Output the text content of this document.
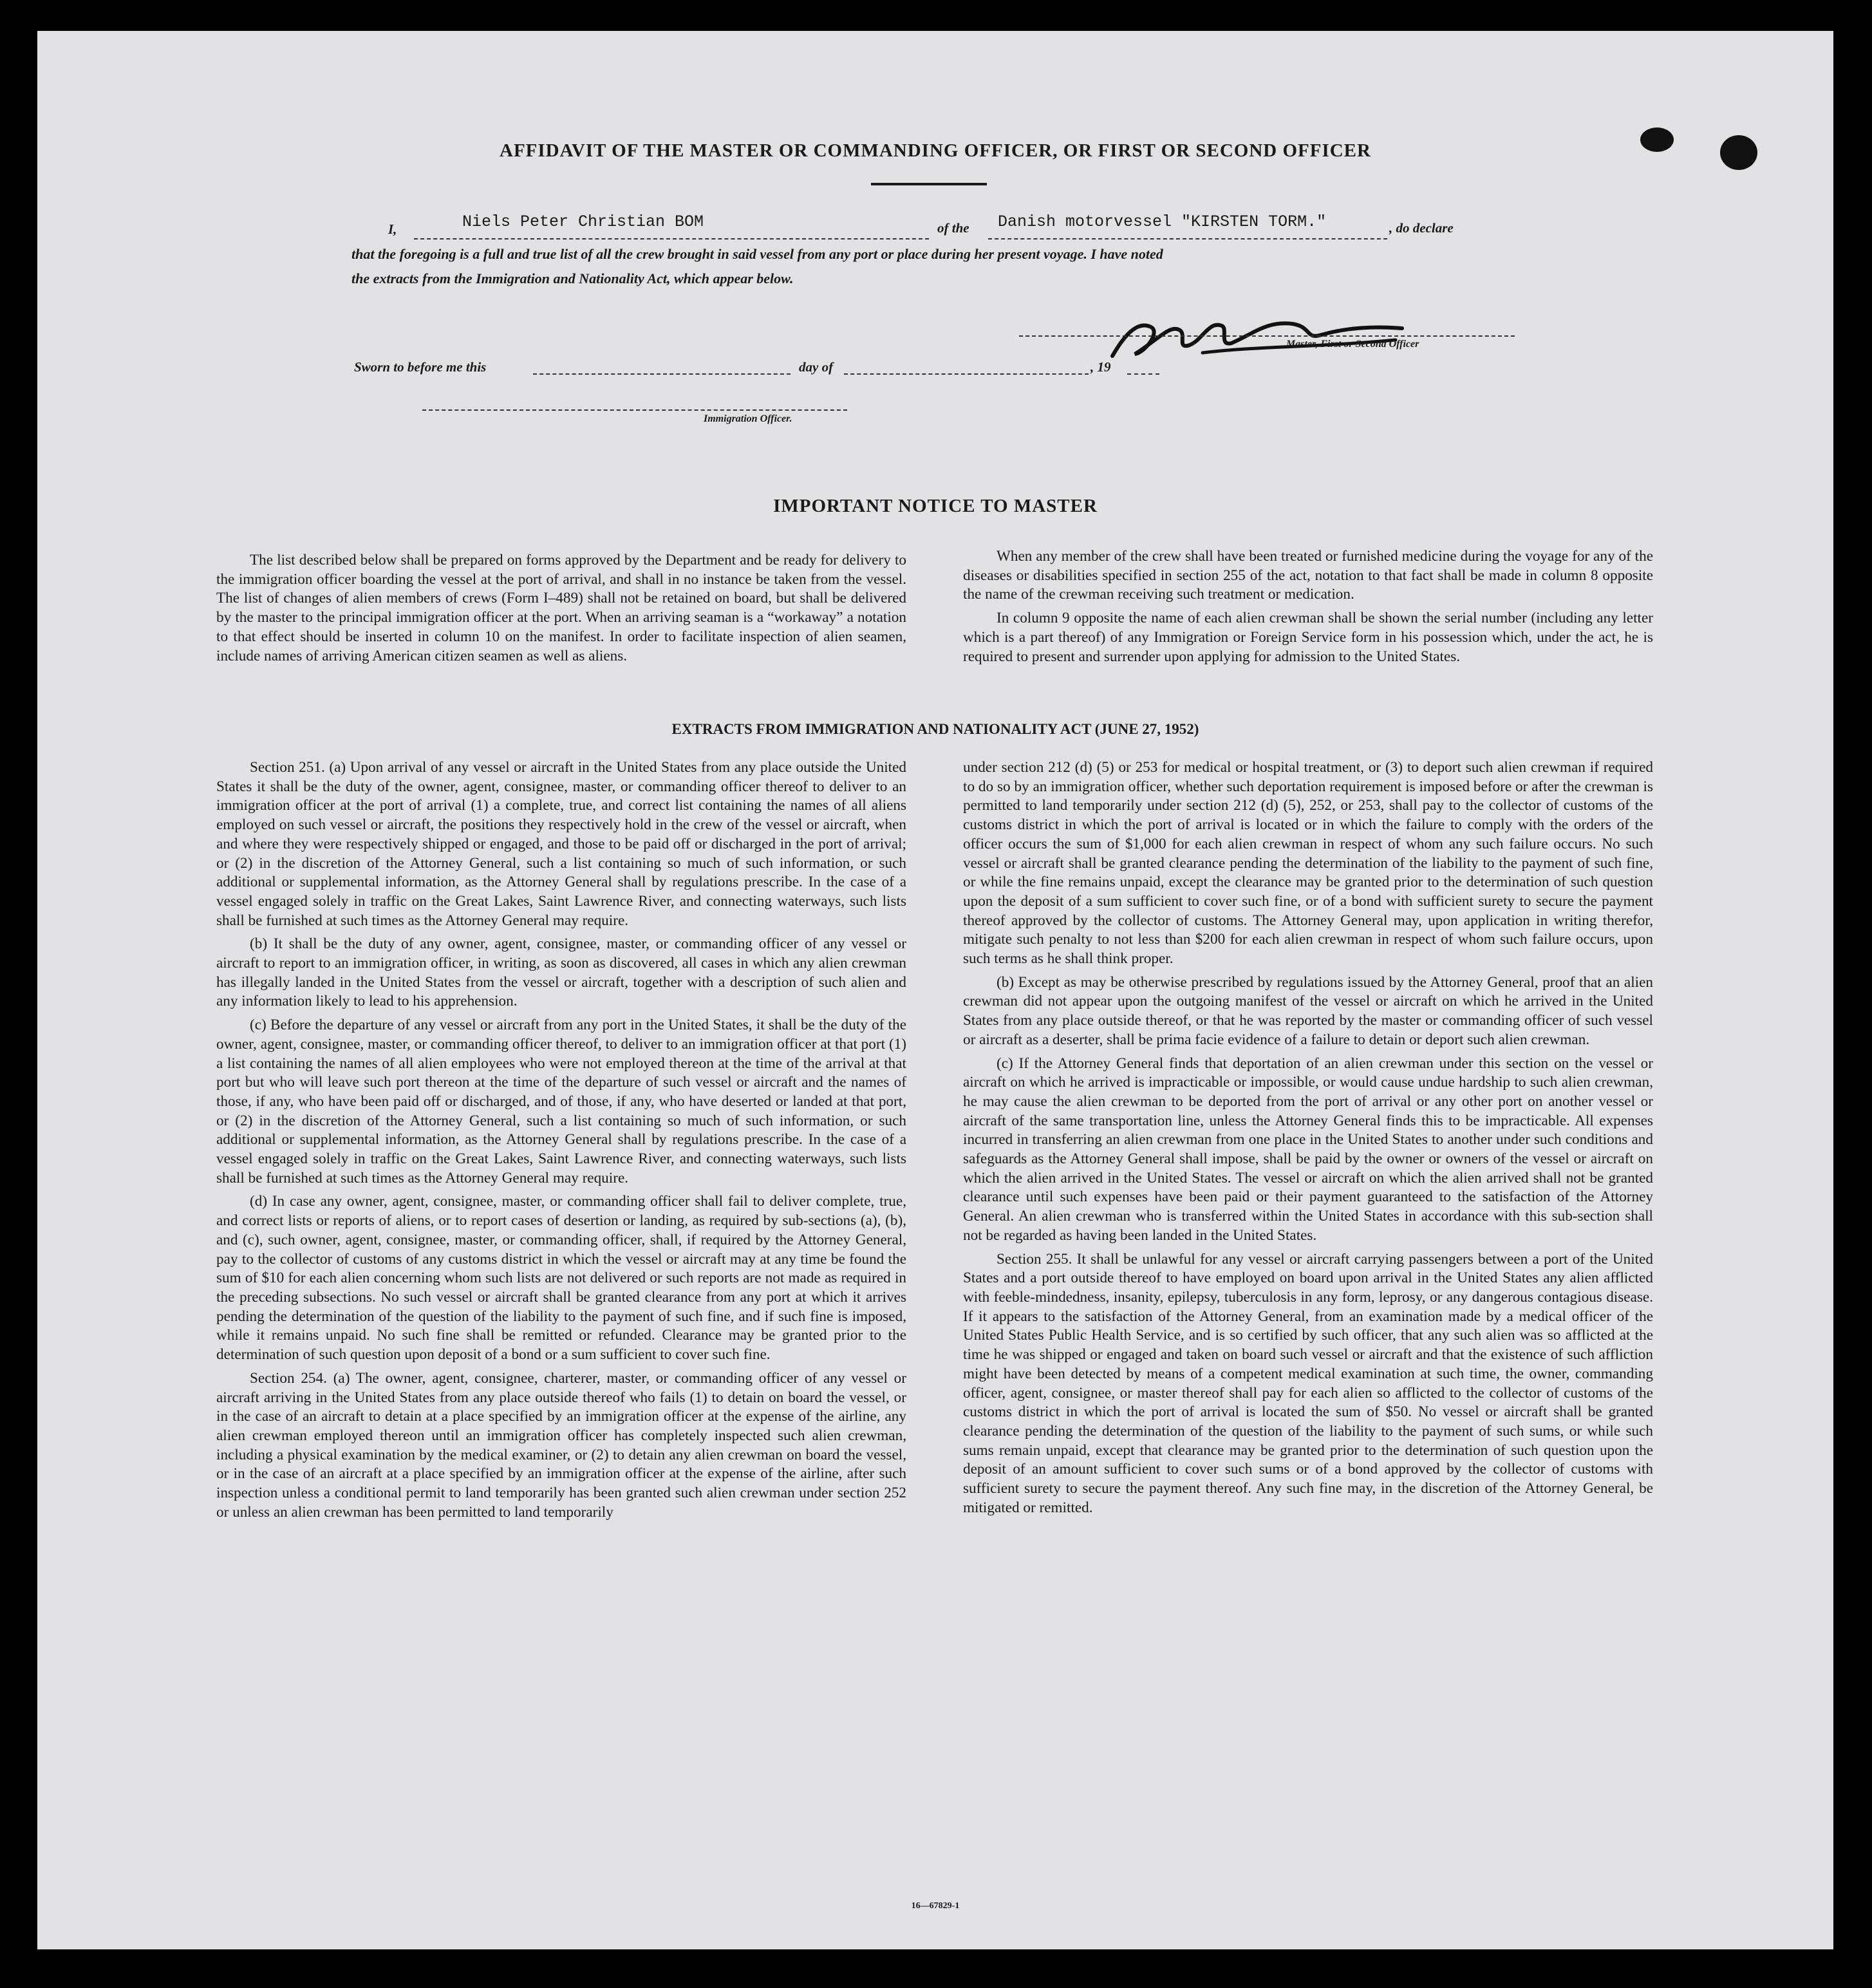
AFFIDAVIT OF THE MASTER OR COMMANDING OFFICER, OR FIRST OR SECOND OFFICER
I,	Niels Peter Christian BOM	of the Danish motorvessel "KIRSTEN TORM."	, do declare
that the foregoing is a full and true list of all the crew brought in said vessel from any port or place during her present voyage. I have noted
the extracts from the Immigration and Nationality Act, which appear below.
Master, First or Second Officer
Sworn to before me this	day of	, 19
Immigration Officer.
IMPORTANT NOTICE TO MASTER

The list described below shall be prepared on forms approved by the Department and be ready for delivery to the immigration officer boarding the vessel at the port of arrival, and shall in no instance be taken from the vessel. The list of changes of alien members of crews (Form I–489) shall not be retained on board, but shall be delivered by the master to the principal immigration officer at the port. When an arriving seaman is a “workaway” a notation to that effect should be inserted in column 10 on the manifest. In order to facilitate inspection of alien seamen, include names of arriving American citizen seamen as well as aliens.

When any member of the crew shall have been treated or furnished medicine during the voyage for any of the diseases or disabilities specified in section 255 of the act, notation to that fact shall be made in column 8 opposite the name of the crewman receiving such treatment or medication.

In column 9 opposite the name of each alien crewman shall be shown the serial number (including any letter which is a part thereof) of any Immigration or Foreign Service form in his possession which, under the act, he is required to present and surrender upon applying for admission to the United States.

EXTRACTS FROM IMMIGRATION AND NATIONALITY ACT (JUNE 27, 1952)

Section 251. (a) Upon arrival of any vessel or aircraft in the United States from any place outside the United States it shall be the duty of the owner, agent, consignee, master, or commanding officer thereof to deliver to an immigration officer at the port of arrival (1) a complete, true, and correct list containing the names of all aliens employed on such vessel or aircraft, the positions they respectively hold in the crew of the vessel or aircraft, when and where they were respectively shipped or engaged, and those to be paid off or discharged in the port of arrival; or (2) in the discretion of the Attorney General, such a list containing so much of such information, or such additional or supplemental information, as the Attorney General shall by regulations prescribe. In the case of a vessel engaged solely in traffic on the Great Lakes, Saint Lawrence River, and connecting waterways, such lists shall be furnished at such times as the Attorney General may require.

(b) It shall be the duty of any owner, agent, consignee, master, or commanding officer of any vessel or aircraft to report to an immigration officer, in writing, as soon as discovered, all cases in which any alien crewman has illegally landed in the United States from the vessel or aircraft, together with a description of such alien and any information likely to lead to his apprehension.

(c) Before the departure of any vessel or aircraft from any port in the United States, it shall be the duty of the owner, agent, consignee, master, or commanding officer thereof, to deliver to an immigration officer at that port (1) a list containing the names of all alien employees who were not employed thereon at the time of the arrival at that port but who will leave such port thereon at the time of the departure of such vessel or aircraft and the names of those, if any, who have been paid off or discharged, and of those, if any, who have deserted or landed at that port, or (2) in the discretion of the Attorney General, such a list containing so much of such information, or such additional or supplemental information, as the Attorney General shall by regulations prescribe. In the case of a vessel engaged solely in traffic on the Great Lakes, Saint Lawrence River, and connecting waterways, such lists shall be furnished at such times as the Attorney General may require.

(d) In case any owner, agent, consignee, master, or commanding officer shall fail to deliver complete, true, and correct lists or reports of aliens, or to report cases of desertion or landing, as required by sub-sections (a), (b), and (c), such owner, agent, consignee, master, or commanding officer, shall, if required by the Attorney General, pay to the collector of customs of any customs district in which the vessel or aircraft may at any time be found the sum of $10 for each alien concerning whom such lists are not delivered or such reports are not made as required in the preceding subsections. No such vessel or aircraft shall be granted clearance from any port at which it arrives pending the determination of the question of the liability to the payment of such fine, and if such fine is imposed, while it remains unpaid. No such fine shall be remitted or refunded. Clearance may be granted prior to the determination of such question upon deposit of a bond or a sum sufficient to cover such fine.

Section 254. (a) The owner, agent, consignee, charterer, master, or commanding officer of any vessel or aircraft arriving in the United States from any place outside thereof who fails (1) to detain on board the vessel, or in the case of an aircraft to detain at a place specified by an immigration officer at the expense of the airline, any alien crewman employed thereon until an immigration officer has completely inspected such alien crewman, including a physical examination by the medical examiner, or (2) to detain any alien crewman on board the vessel, or in the case of an aircraft at a place specified by an immigration officer at the expense of the airline, after such inspection unless a conditional permit to land temporarily has been granted such alien crewman under section 252 or unless an alien crewman has been permitted to land temporarily

under section 212 (d) (5) or 253 for medical or hospital treatment, or (3) to deport such alien crewman if required to do so by an immigration officer, whether such deportation requirement is imposed before or after the crewman is permitted to land temporarily under section 212 (d) (5), 252, or 253, shall pay to the collector of customs of the customs district in which the port of arrival is located or in which the failure to comply with the orders of the officer occurs the sum of $1,000 for each alien crewman in respect of whom any such failure occurs. No such vessel or aircraft shall be granted clearance pending the determination of the liability to the payment of such fine, or while the fine remains unpaid, except the clearance may be granted prior to the determination of such question upon the deposit of a sum sufficient to cover such fine, or of a bond with sufficient surety to secure the payment thereof approved by the collector of customs. The Attorney General may, upon application in writing therefor, mitigate such penalty to not less than $200 for each alien crewman in respect of whom such failure occurs, upon such terms as he shall think proper.

(b) Except as may be otherwise prescribed by regulations issued by the Attorney General, proof that an alien crewman did not appear upon the outgoing manifest of the vessel or aircraft on which he arrived in the United States from any place outside thereof, or that he was reported by the master or commanding officer of such vessel or aircraft as a deserter, shall be prima facie evidence of a failure to detain or deport such alien crewman.

(c) If the Attorney General finds that deportation of an alien crewman under this section on the vessel or aircraft on which he arrived is impracticable or impossible, or would cause undue hardship to such alien crewman, he may cause the alien crewman to be deported from the port of arrival or any other port on another vessel or aircraft of the same transportation line, unless the Attorney General finds this to be impracticable. All expenses incurred in transferring an alien crewman from one place in the United States to another under such conditions and safeguards as the Attorney General shall impose, shall be paid by the owner or owners of the vessel or aircraft on which the alien arrived in the United States. The vessel or aircraft on which the alien arrived shall not be granted clearance until such expenses have been paid or their payment guaranteed to the satisfaction of the Attorney General. An alien crewman who is transferred within the United States in accordance with this sub-section shall not be regarded as having been landed in the United States.

Section 255. It shall be unlawful for any vessel or aircraft carrying passengers between a port of the United States and a port outside thereof to have employed on board upon arrival in the United States any alien afflicted with feeble-mindedness, insanity, epilepsy, tuberculosis in any form, leprosy, or any dangerous contagious disease. If it appears to the satisfaction of the Attorney General, from an examination made by a medical officer of the United States Public Health Service, and is so certified by such officer, that any such alien was so afflicted at the time he was shipped or engaged and taken on board such vessel or aircraft and that the existence of such affliction might have been detected by means of a competent medical examination at such time, the owner, commanding officer, agent, consignee, or master thereof shall pay for each alien so afflicted to the collector of customs of the customs district in which the port of arrival is located the sum of $50. No vessel or aircraft shall be granted clearance pending the determination of the question of the liability to the payment of such sums, or while such sums remain unpaid, except that clearance may be granted prior to the determination of such question upon the deposit of an amount sufficient to cover such sums or of a bond approved by the collector of customs with sufficient surety to secure the payment thereof. Any such fine may, in the discretion of the Attorney General, be mitigated or remitted.

16—67829-1
